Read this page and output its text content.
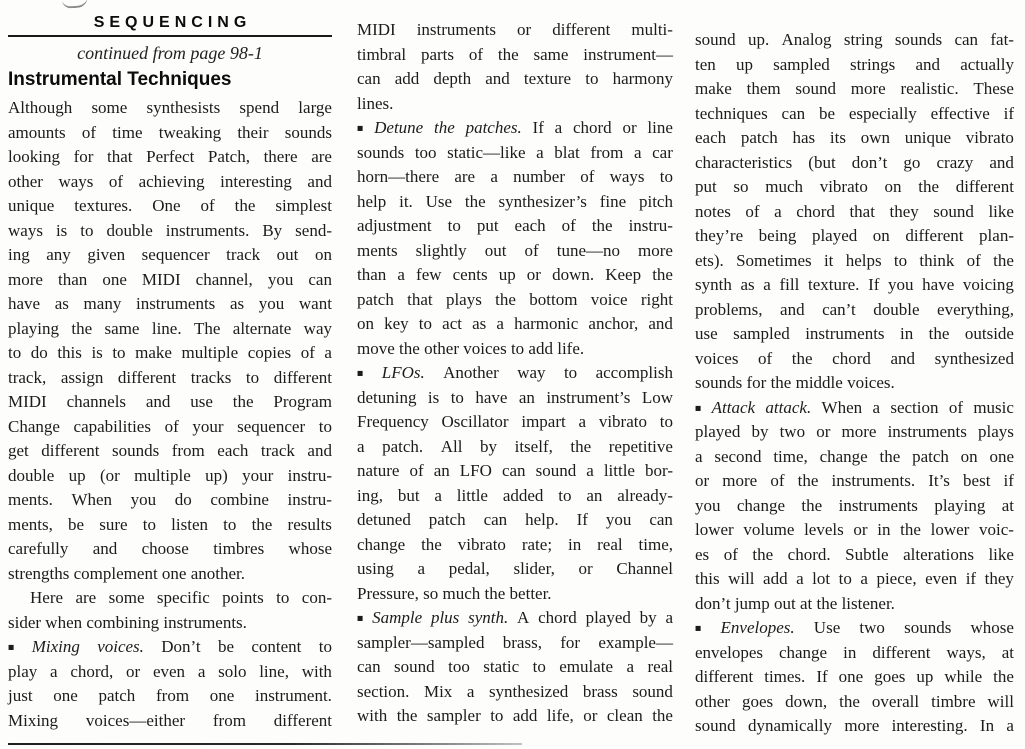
SEQUENCING
continued from page 98-1
Instrumental Techniques
Although some synthesists spend large
amounts of time tweaking their sounds
looking for that Perfect Patch, there are
other ways of achieving interesting and
unique textures. One of the simplest
ways is to double instruments. By send-
ing any given sequencer track out on
more than one MIDI channel, you can
have as many instruments as you want
playing the same line. The alternate way
to do this is to make multiple copies of a
track, assign different tracks to different
MIDI channels and use the Program
Change capabilities of your sequencer to
get different sounds from each track and
double up (or multiple up) your instru-
ments. When you do combine instru-
ments, be sure to listen to the results
carefully and choose timbres whose
strengths complement one another.
Here are some specific points to con-
sider when combining instruments.
■ Mixing voices. Don’t be content to
play a chord, or even a solo line, with
just one patch from one instrument.
Mixing voices—either from different
MIDI instruments or different multi-
timbral parts of the same instrument—
can add depth and texture to harmony
lines.
■ Detune the patches. If a chord or line
sounds too static—like a blat from a car
horn—there are a number of ways to
help it. Use the synthesizer’s fine pitch
adjustment to put each of the instru-
ments slightly out of tune—no more
than a few cents up or down. Keep the
patch that plays the bottom voice right
on key to act as a harmonic anchor, and
move the other voices to add life.
■ LFOs. Another way to accomplish
detuning is to have an instrument’s Low
Frequency Oscillator impart a vibrato to
a patch. All by itself, the repetitive
nature of an LFO can sound a little bor-
ing, but a little added to an already-
detuned patch can help. If you can
change the vibrato rate; in real time,
using a pedal, slider, or Channel
Pressure, so much the better.
■ Sample plus synth. A chord played by a
sampler—sampled brass, for example—
can sound too static to emulate a real
section. Mix a synthesized brass sound
with the sampler to add life, or clean the
sound up. Analog string sounds can fat-
ten up sampled strings and actually
make them sound more realistic. These
techniques can be especially effective if
each patch has its own unique vibrato
characteristics (but don’t go crazy and
put so much vibrato on the different
notes of a chord that they sound like
they’re being played on different plan-
ets). Sometimes it helps to think of the
synth as a fill texture. If you have voicing
problems, and can’t double everything,
use sampled instruments in the outside
voices of the chord and synthesized
sounds for the middle voices.
■ Attack attack. When a section of music
played by two or more instruments plays
a second time, change the patch on one
or more of the instruments. It’s best if
you change the instruments playing at
lower volume levels or in the lower voic-
es of the chord. Subtle alterations like
this will add a lot to a piece, even if they
don’t jump out at the listener.
■ Envelopes. Use two sounds whose
envelopes change in different ways, at
different times. If one goes up while the
other goes down, the overall timbre will
sound dynamically more interesting. In a
